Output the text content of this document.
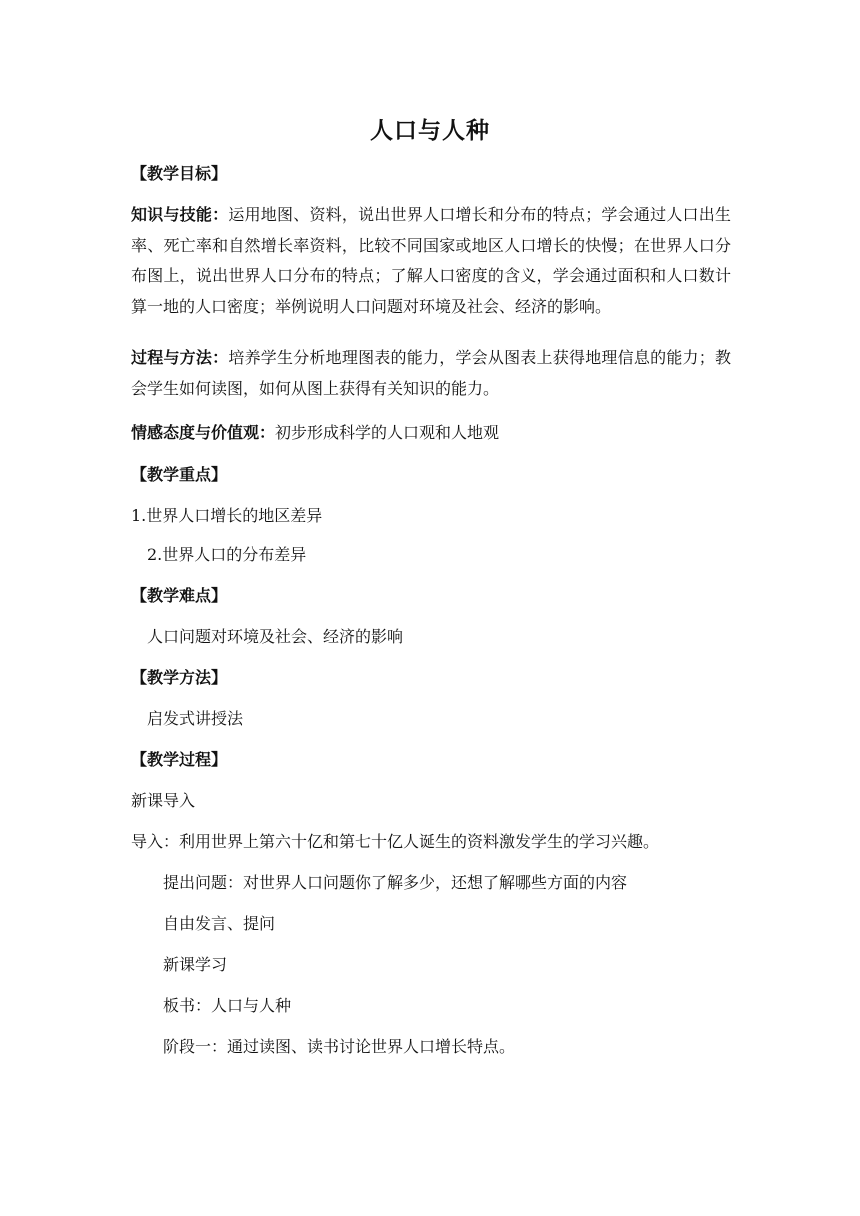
人口与人种
【教学目标】
知识与技能：运用地图、资料，说出世界人口增长和分布的特点；学会通过人口出生率、死亡率和自然增长率资料，比较不同国家或地区人口增长的快慢；在世界人口分布图上，说出世界人口分布的特点；了解人口密度的含义，学会通过面积和人口数计算一地的人口密度；举例说明人口问题对环境及社会、经济的影响。
过程与方法：培养学生分析地理图表的能力，学会从图表上获得地理信息的能力；教会学生如何读图，如何从图上获得有关知识的能力。
情感态度与价值观：初步形成科学的人口观和人地观
【教学重点】
1.世界人口增长的地区差异
2.世界人口的分布差异
【教学难点】
人口问题对环境及社会、经济的影响
【教学方法】
启发式讲授法
【教学过程】
新课导入
导入：利用世界上第六十亿和第七十亿人诞生的资料激发学生的学习兴趣。
提出问题：对世界人口问题你了解多少，还想了解哪些方面的内容
自由发言、提问
新课学习
板书：人口与人种
阶段一：通过读图、读书讨论世界人口增长特点。
